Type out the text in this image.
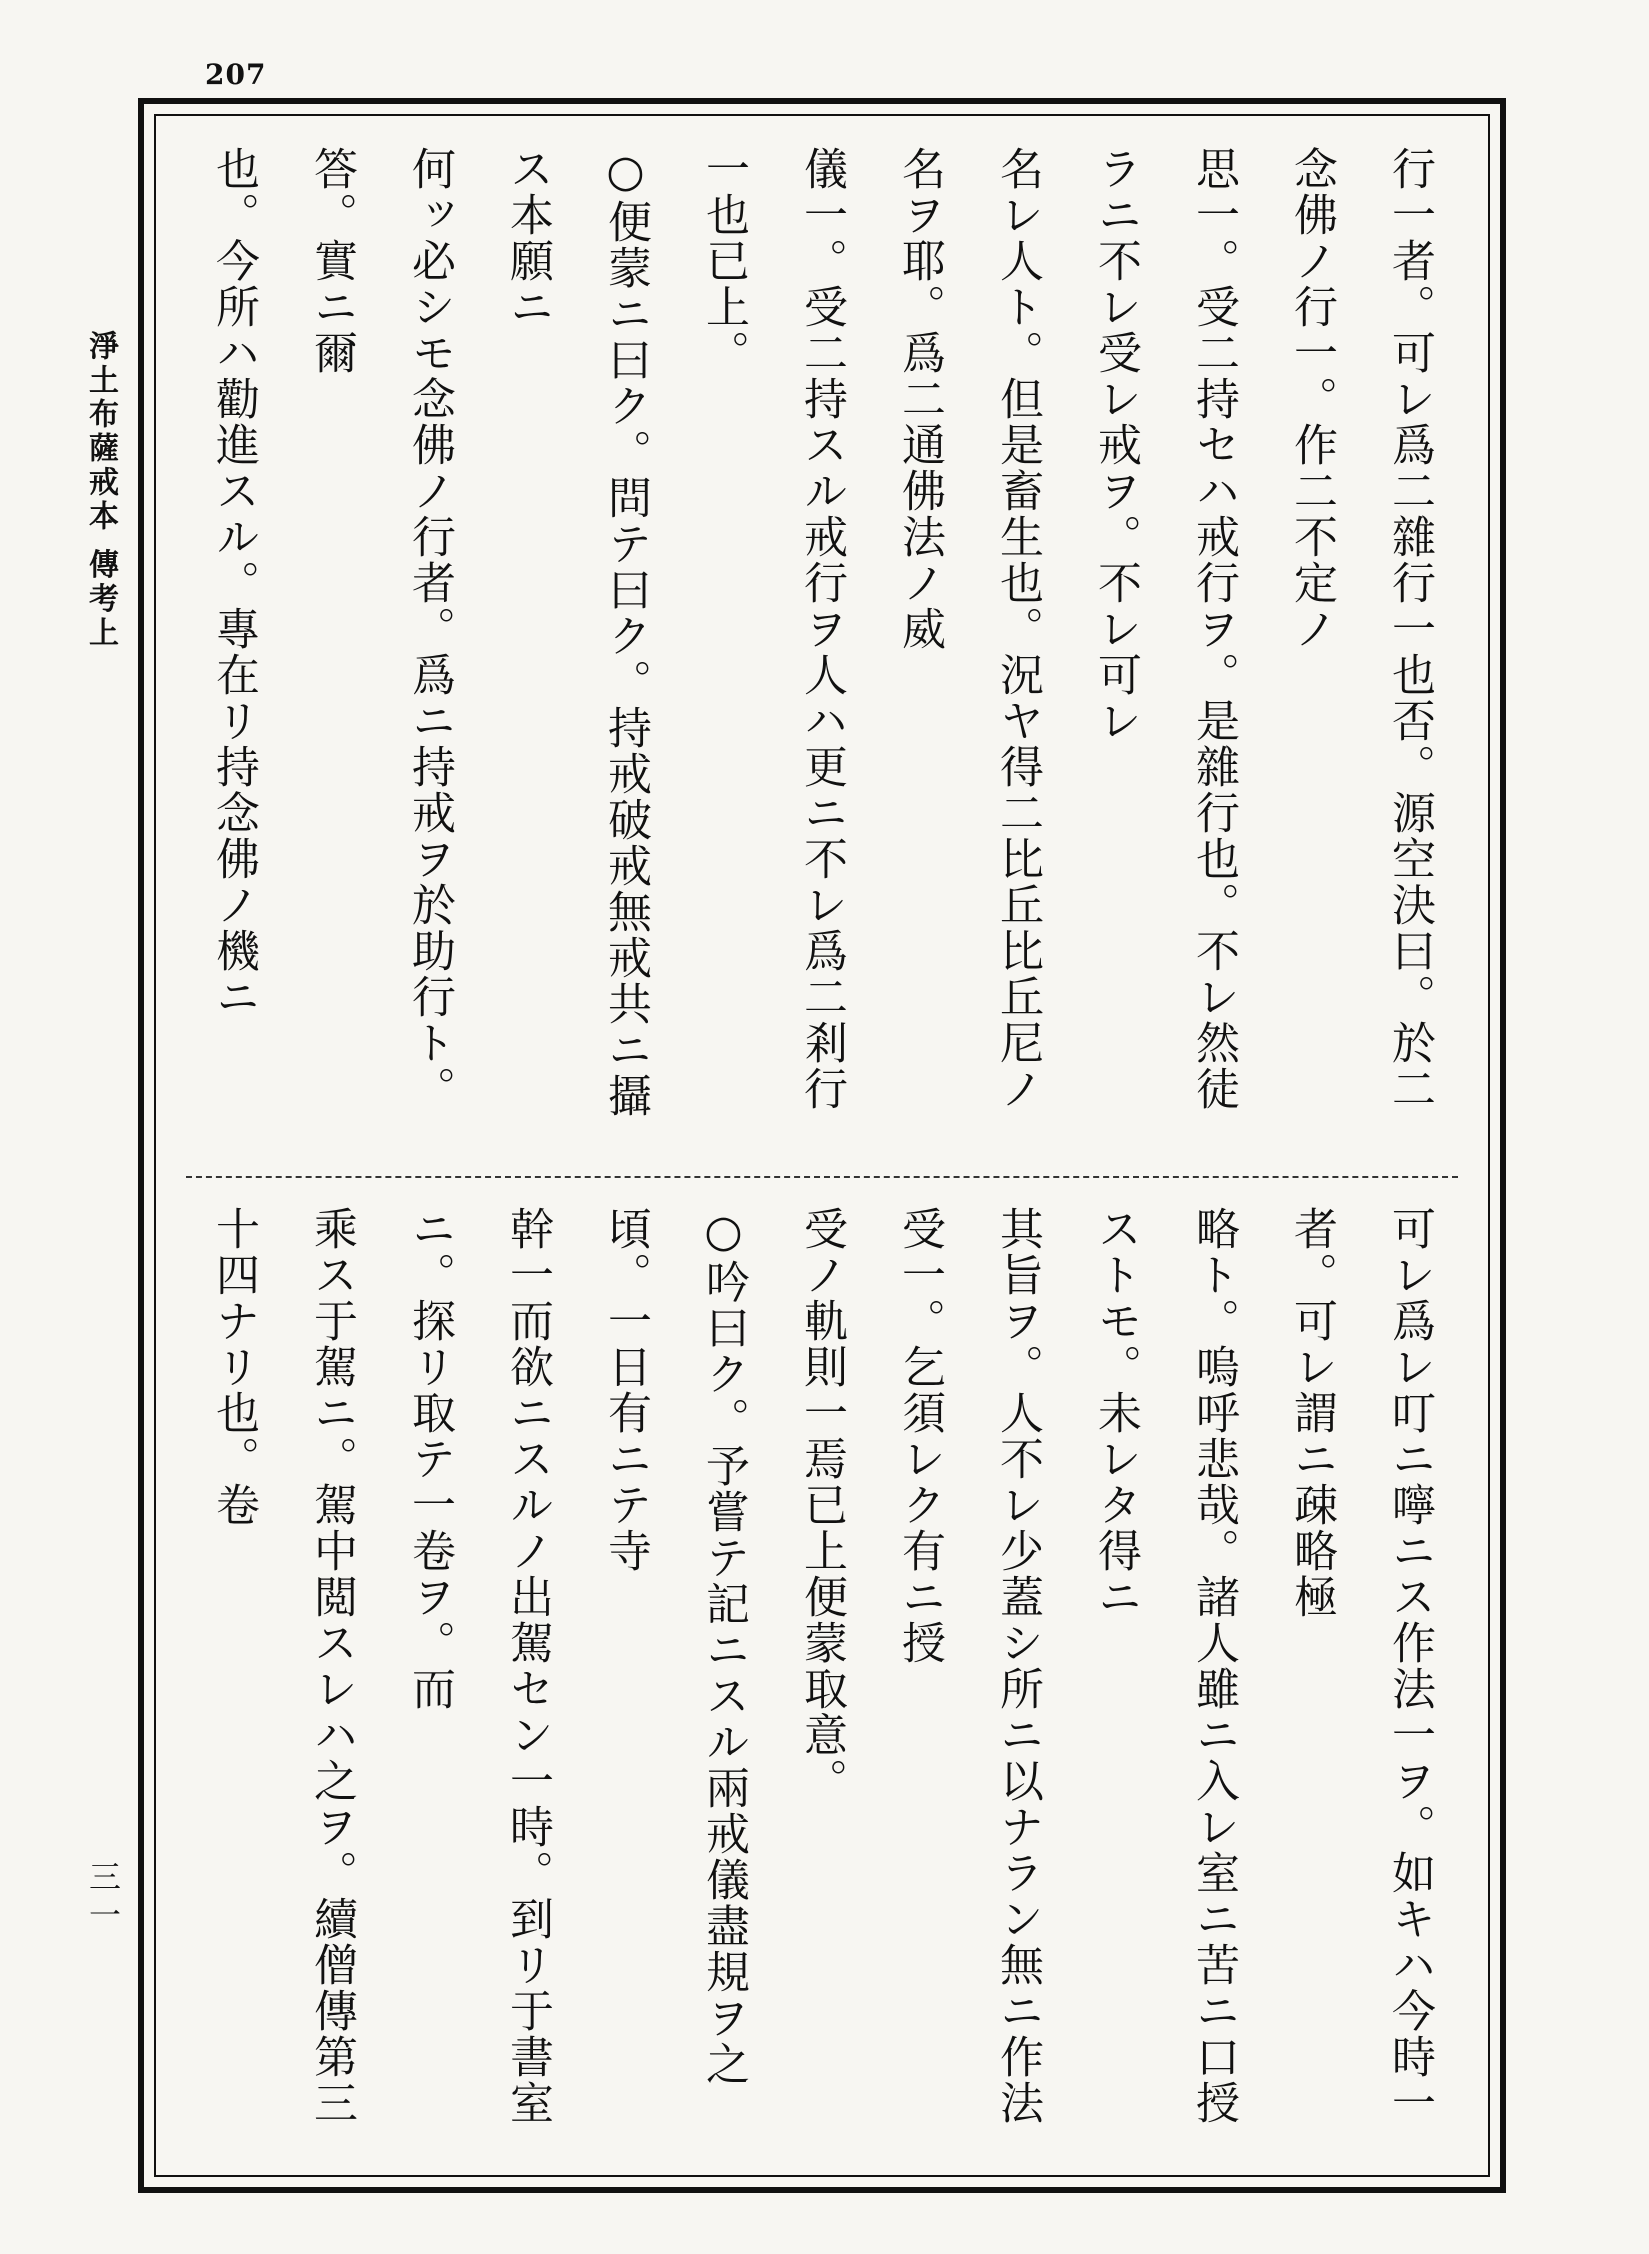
207
淨土布薩戒本 傳考上
三一

行一者。可レ爲二雜行一也否。源空決曰。於二念佛ノ行一。作二不定ノ

思一。受二持セハ戒行ヲ。是雜行也。不レ然徒ラニ不レ受レ戒ヲ。不レ可レ

名レ人ト。但是畜生也。況ヤ得二比丘比丘尼ノ名ヲ耶。爲二通佛法ノ威

儀一。受二持スル戒行ヲ人ハ更ニ不レ爲二剎行一也已上。

○便蒙ニ曰ク。問テ曰ク。持戒破戒無戒共ニ攝ス本願ニ

何ッ必シモ念佛ノ行者。爲ニ持戒ヲ於助行ト。答。實ニ爾

也。今所ハ勸進スル。專在リ持念佛ノ機ニ

可レ爲レ叮ニ嚀ニス作法一ヲ。如キハ今時一者。可レ謂ニ疎略極

略ト。嗚呼悲哉。諸人雖ニ入レ室ニ苦ニ口授ストモ。未レタ得ニ

其旨ヲ。人不レ少蓋シ所ニ以ナラン無ニ作法受一。乞須レク有ニ授

受ノ軌則一焉已上便蒙取意。

○吟曰ク。予嘗テ記ニスル兩戒儀盡規ヲ之頃。一日有ニテ寺

幹一而欲ニスルノ出駕セン一時。到リ于書室ニ。探リ取テ一卷ヲ。而

乘ス于駕ニ。駕中閲スレハ之ヲ。續僧傳第三十四ナリ也。卷
